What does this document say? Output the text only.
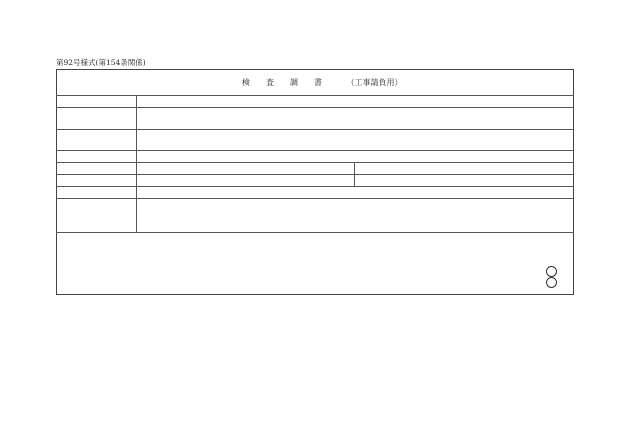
第92号様式(第154条関係)
検　　査　　調　　書	（工事請負用）
